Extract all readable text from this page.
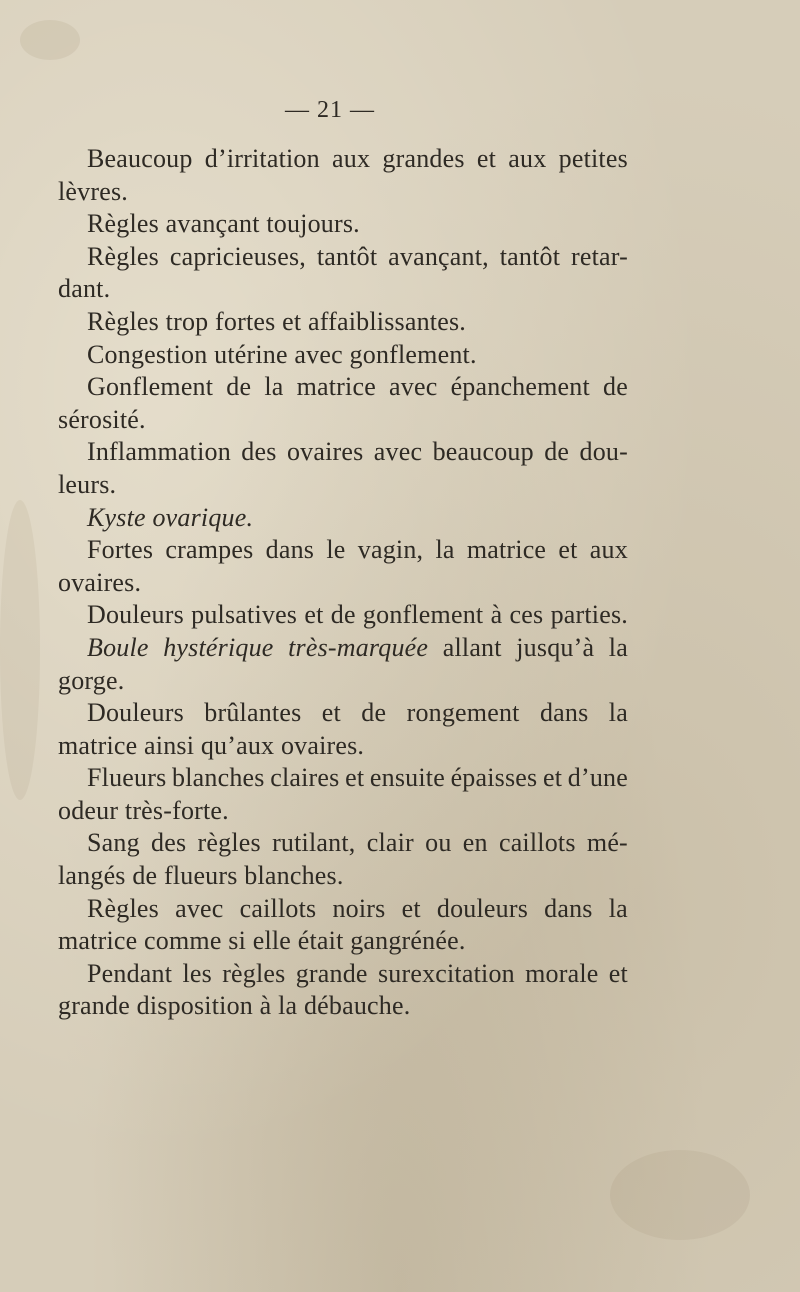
— 21 —
Beaucoup d’irritation aux grandes et aux petites
lèvres.
Règles avançant toujours.
Règles capricieuses, tantôt avançant, tantôt retar-
dant.
Règles trop fortes et affaiblissantes.
Congestion utérine avec gonflement.
Gonflement de la matrice avec épanchement de
sérosité.
Inflammation des ovaires avec beaucoup de dou-
leurs.
Kyste ovarique.
Fortes crampes dans le vagin, la matrice et aux
ovaires.
Douleurs pulsatives et de gonflement à ces parties.
Boule hystérique très-marquée allant jusqu’à la
gorge.
Douleurs brûlantes et de rongement dans la
matrice ainsi qu’aux ovaires.
Flueurs blanches claires et ensuite épaisses et d’une
odeur très-forte.
Sang des règles rutilant, clair ou en caillots mé-
langés de flueurs blanches.
Règles avec caillots noirs et douleurs dans la
matrice comme si elle était gangrénée.
Pendant les règles grande surexcitation morale et
grande disposition à la débauche.
